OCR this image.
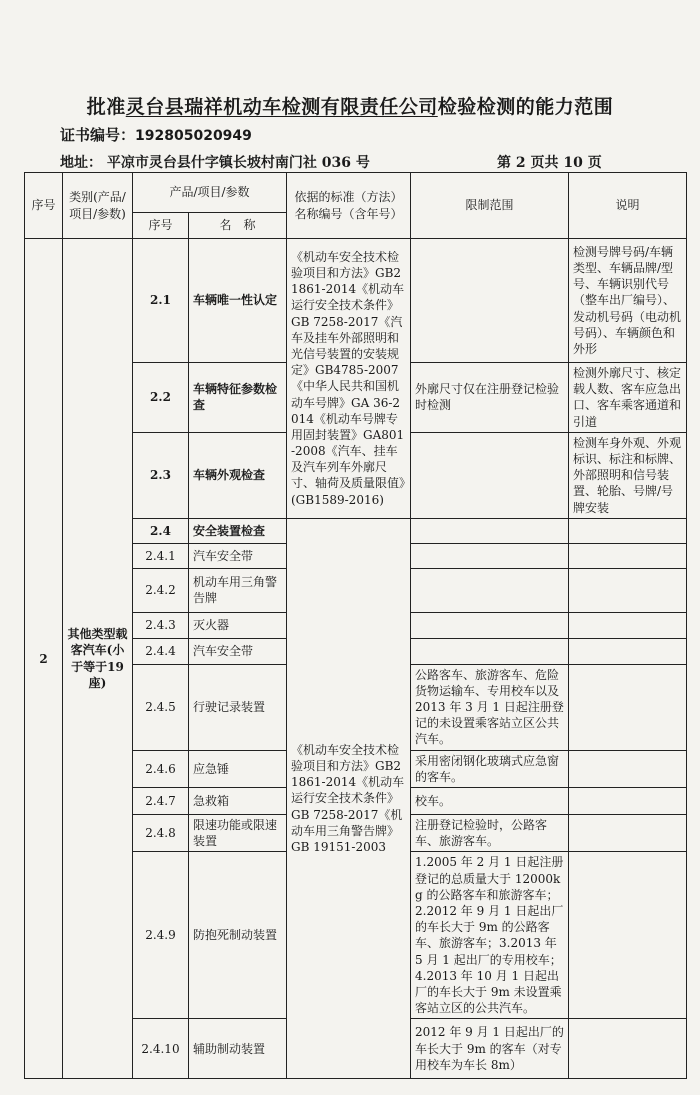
批准灵台县瑞祥机动车检测有限责任公司检验检测的能力范围
证书编号：192805020949
地址： 平凉市灵台县什字镇长坡村南门社 036 号	第 2 页共 10 页
序号	类别(产品/项目/参数)	产品/项目/参数		依据的标准（方法）名称编号（含年号）	限制范围	说明
		序号	名　称			
2	其他类型载客汽车(小于等于19座)	2.1	车辆唯一性认定	《机动车安全技术检验项目和方法》GB21861-2014《机动车运行安全技术条件》GB 7258-2017《汽车及挂车外部照明和光信号装置的安装规定》GB4785-2007《中华人民共和国机动车号牌》GA 36-2014《机动车号牌专用固封装置》GA801-2008《汽车、挂车及汽车列车外廓尺寸、轴荷及质量限值》(GB1589-2016)		检测号牌号码/车辆类型、车辆品牌/型号、车辆识别代号（整车出厂编号）、发动机号码（电动机号码）、车辆颜色和外形
		2.2	车辆特征参数检查		外廓尺寸仅在注册登记检验时检测	检测外廓尺寸、核定载人数、客车应急出口、客车乘客通道和引道
		2.3	车辆外观检查			检测车身外观、外观标识、标注和标牌、外部照明和信号装置、轮胎、号牌/号牌安装
		2.4	安全装置检查	《机动车安全技术检验项目和方法》GB21861-2014《机动车运行安全技术条件》GB 7258-2017《机动车用三角警告牌》GB 19151-2003		
		2.4.1	汽车安全带			
		2.4.2	机动车用三角警告牌			
		2.4.3	灭火器			
		2.4.4	汽车安全带			
		2.4.5	行驶记录装置		公路客车、旅游客车、危险货物运输车、专用校车以及 2013 年 3 月 1 日起注册登记的未设置乘客站立区公共汽车。	
		2.4.6	应急锤		采用密闭钢化玻璃式应急窗的客车。	
		2.4.7	急救箱		校车。	
		2.4.8	限速功能或限速装置		注册登记检验时，公路客车、旅游客车。	
		2.4.9	防抱死制动装置		1.2005 年 2 月 1 日起注册登记的总质量大于 12000kg 的公路客车和旅游客车；2.2012 年 9 月 1 日起出厂的车长大于 9m 的公路客车、旅游客车；3.2013 年 5 月 1 起出厂的专用校车；4.2013 年 10 月 1 日起出厂的车长大于 9m 未设置乘客站立区的公共汽车。	
		2.4.10	辅助制动装置		2012 年 9 月 1 日起出厂的车长大于 9m 的客车（对专用校车为车长 8m）	
